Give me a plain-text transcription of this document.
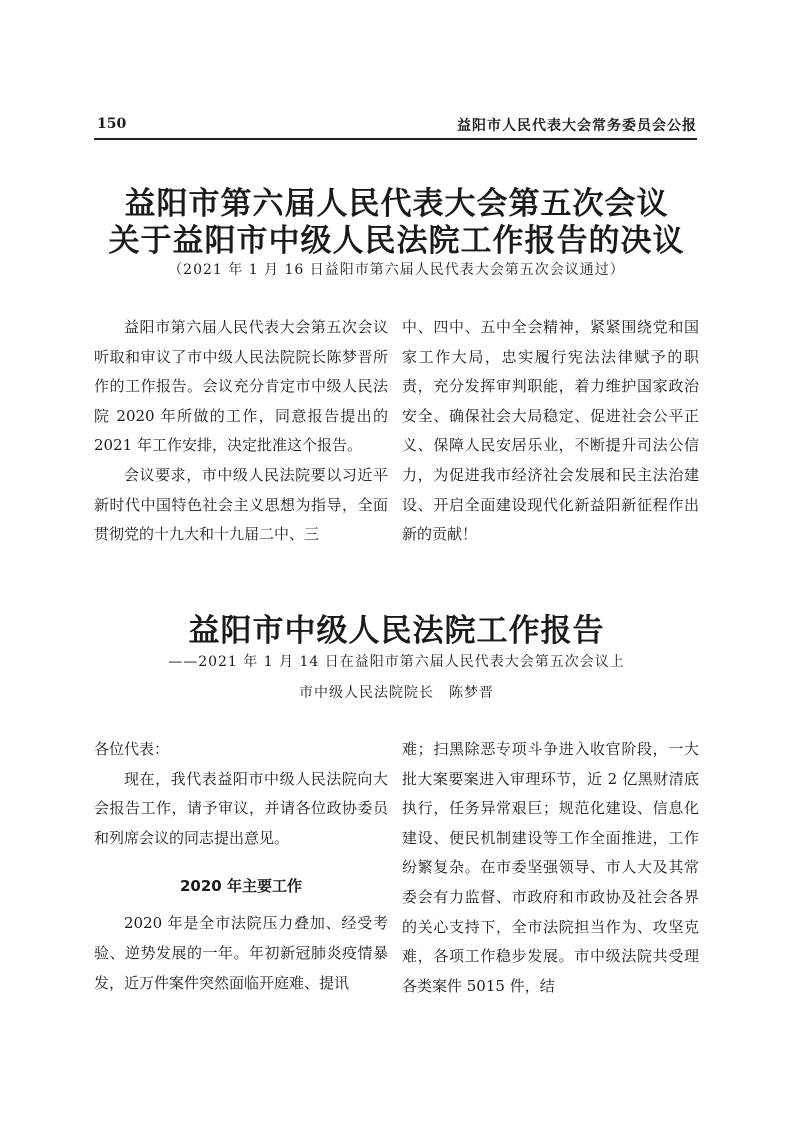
150	益阳市人民代表大会常务委员会公报
益阳市第六届人民代表大会第五次会议
关于益阳市中级人民法院工作报告的决议
（2021 年 1 月 16 日益阳市第六届人民代表大会第五次会议通过）

益阳市第六届人民代表大会第五次会议听取和审议了市中级人民法院院长陈梦晋所作的工作报告。会议充分肯定市中级人民法院 2020 年所做的工作，同意报告提出的 2021 年工作安排，决定批准这个报告。

会议要求，市中级人民法院要以习近平新时代中国特色社会主义思想为指导，全面贯彻党的十九大和十九届二中、三

中、四中、五中全会精神，紧紧围绕党和国家工作大局，忠实履行宪法法律赋予的职责，充分发挥审判职能，着力维护国家政治安全、确保社会大局稳定、促进社会公平正义、保障人民安居乐业，不断提升司法公信力，为促进我市经济社会发展和民主法治建设、开启全面建设现代化新益阳新征程作出新的贡献！

益阳市中级人民法院工作报告
——2021 年 1 月 14 日在益阳市第六届人民代表大会第五次会议上
市中级人民法院院长　陈梦晋

各位代表：

现在，我代表益阳市中级人民法院向大会报告工作，请予审议，并请各位政协委员和列席会议的同志提出意见。

2020 年主要工作

2020 年是全市法院压力叠加、经受考验、逆势发展的一年。年初新冠肺炎疫情暴发，近万件案件突然面临开庭难、提讯

难；扫黑除恶专项斗争进入收官阶段，一大批大案要案进入审理环节，近 2 亿黑财清底执行，任务异常艰巨；规范化建设、信息化建设、便民机制建设等工作全面推进，工作纷繁复杂。在市委坚强领导、市人大及其常委会有力监督、市政府和市政协及社会各界的关心支持下，全市法院担当作为、攻坚克难，各项工作稳步发展。市中级法院共受理各类案件 5015 件，结
